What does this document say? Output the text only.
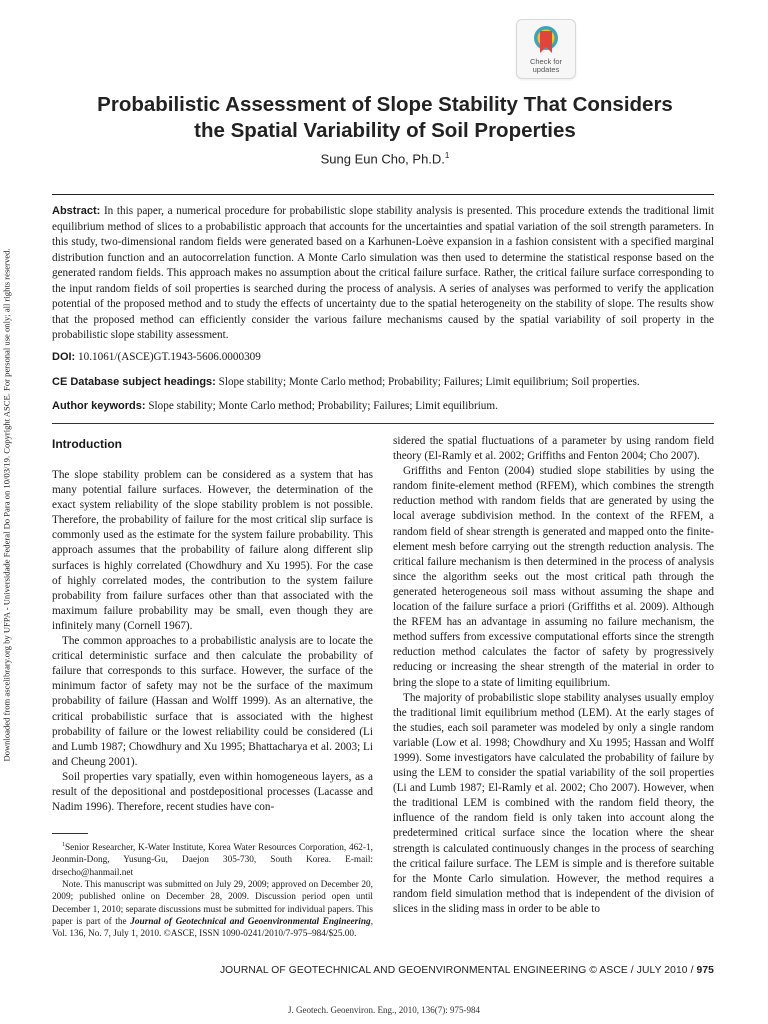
Downloaded from ascelibrary.org by UFPA - Universidade Federal Do Para on 10/03/19. Copyright ASCE. For personal use only; all rights reserved.
Check for
updates
Probabilistic Assessment of Slope Stability That Considers
the Spatial Variability of Soil Properties
Sung Eun Cho, Ph.D.$^1$

Abstract: In this paper, a numerical procedure for probabilistic slope stability analysis is presented. This procedure extends the traditional limit equilibrium method of slices to a probabilistic approach that accounts for the uncertainties and spatial variation of the soil strength parameters. In this study, two-dimensional random fields were generated based on a Karhunen-Loève expansion in a fashion consistent with a specified marginal distribution function and an autocorrelation function. A Monte Carlo simulation was then used to determine the statistical response based on the generated random fields. This approach makes no assumption about the critical failure surface. Rather, the critical failure surface corresponding to the input random fields of soil properties is searched during the process of analysis. A series of analyses was performed to verify the application potential of the proposed method and to study the effects of uncertainty due to the spatial heterogeneity on the stability of slope. The results show that the proposed method can efficiently consider the various failure mechanisms caused by the spatial variability of soil property in the probabilistic slope stability assessment.

DOI: 10.1061/(ASCE)GT.1943-5606.0000309

CE Database subject headings: Slope stability; Monte Carlo method; Probability; Failures; Limit equilibrium; Soil properties.

Author keywords: Slope stability; Monte Carlo method; Probability; Failures; Limit equilibrium.

Introduction

The slope stability problem can be considered as a system that has many potential failure surfaces. However, the determination of the exact system reliability of the slope stability problem is not possible. Therefore, the probability of failure for the most critical slip surface is commonly used as the estimate for the system failure probability. This approach assumes that the probability of failure along different slip surfaces is highly correlated (Chowdhury and Xu 1995). For the case of highly correlated modes, the contribution to the system failure probability from failure surfaces other than that associated with the maximum failure probability may be small, even though they are infinitely many (Cornell 1967).

The common approaches to a probabilistic analysis are to locate the critical deterministic surface and then calculate the probability of failure that corresponds to this surface. However, the surface of the minimum factor of safety may not be the surface of the maximum probability of failure (Hassan and Wolff 1999). As an alternative, the critical probabilistic surface that is associated with the highest probability of failure or the lowest reliability could be considered (Li and Lumb 1987; Chowdhury and Xu 1995; Bhattacharya et al. 2003; Li and Cheung 2001).

Soil properties vary spatially, even within homogeneous layers, as a result of the depositional and postdepositional processes (Lacasse and Nadim 1996). Therefore, recent studies have con-

$^1$Senior Researcher, K-Water Institute, Korea Water Resources Corporation, 462-1, Jeonmin-Dong, Yusung-Gu, Daejon 305-730, South Korea. E-mail: drsecho@hanmail.net

Note. This manuscript was submitted on July 29, 2009; approved on December 20, 2009; published online on December 28, 2009. Discussion period open until December 1, 2010; separate discussions must be submitted for individual papers. This paper is part of the Journal of Geotechnical and Geoenvironmental Engineering, Vol. 136, No. 7, July 1, 2010. ©ASCE, ISSN 1090-0241/2010/7-975–984/$25.00.

sidered the spatial fluctuations of a parameter by using random field theory (El-Ramly et al. 2002; Griffiths and Fenton 2004; Cho 2007).

Griffiths and Fenton (2004) studied slope stabilities by using the random finite-element method (RFEM), which combines the strength reduction method with random fields that are generated by using the local average subdivision method. In the context of the RFEM, a random field of shear strength is generated and mapped onto the finite-element mesh before carrying out the strength reduction analysis. The critical failure mechanism is then determined in the process of analysis since the algorithm seeks out the most critical path through the generated heterogeneous soil mass without assuming the shape and location of the failure surface a priori (Griffiths et al. 2009). Although the RFEM has an advantage in assuming no failure mechanism, the method suffers from excessive computational efforts since the strength reduction method calculates the factor of safety by progressively reducing or increasing the shear strength of the material in order to bring the slope to a state of limiting equilibrium.

The majority of probabilistic slope stability analyses usually employ the traditional limit equilibrium method (LEM). At the early stages of the studies, each soil parameter was modeled by only a single random variable (Low et al. 1998; Chowdhury and Xu 1995; Hassan and Wolff 1999). Some investigators have calculated the probability of failure by using the LEM to consider the spatial variability of the soil properties (Li and Lumb 1987; El-Ramly et al. 2002; Cho 2007). However, when the traditional LEM is combined with the random field theory, the influence of the random field is only taken into account along the predetermined critical surface since the location where the shear strength is calculated continuously changes in the process of searching the critical failure surface. The LEM is simple and is therefore suitable for the Monte Carlo simulation. However, the method requires a random field simulation method that is independent of the division of slices in the sliding mass in order to be able to

JOURNAL OF GEOTECHNICAL AND GEOENVIRONMENTAL ENGINEERING © ASCE / JULY 2010 / 975
J. Geotech. Geoenviron. Eng., 2010, 136(7): 975-984
